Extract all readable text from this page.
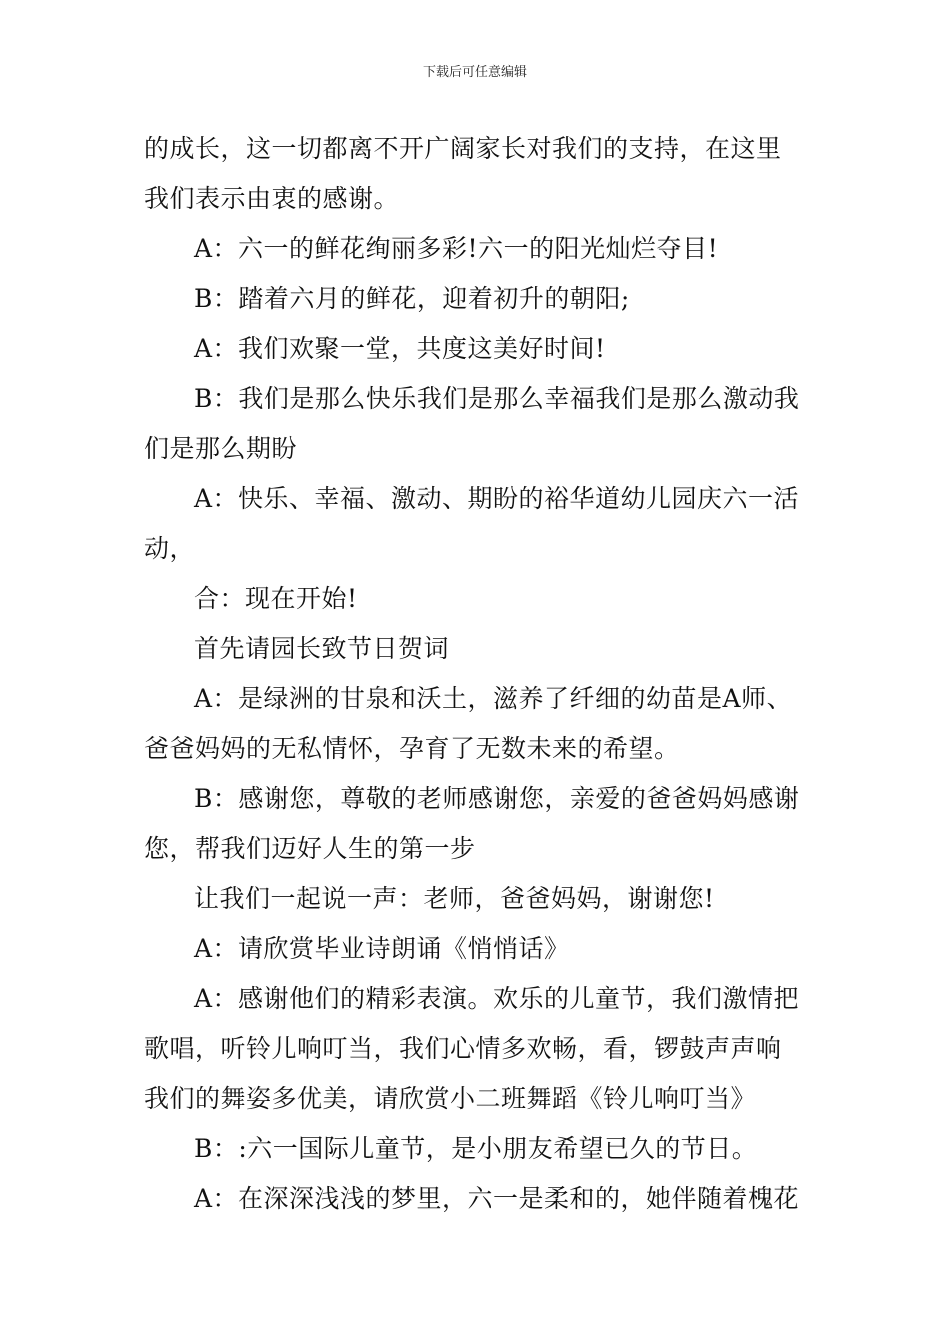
下载后可任意编辑

的成长，这一切都离不开广阔家长对我们的支持，在这里

我们表示由衷的感谢。

A：六一的鲜花绚丽多彩!六一的阳光灿烂夺目!

B：踏着六月的鲜花，迎着初升的朝阳;

A：我们欢聚一堂，共度这美好时间!

B：我们是那么快乐我们是那么幸福我们是那么激动我

们是那么期盼

A：快乐、幸福、激动、期盼的裕华道幼儿园庆六一活

动，

合：现在开始!

首先请园长致节日贺词

A：是绿洲的甘泉和沃土，滋养了纤细的幼苗是A师、

爸爸妈妈的无私情怀，孕育了无数未来的希望。

B：感谢您，尊敬的老师感谢您，亲爱的爸爸妈妈感谢

您，帮我们迈好人生的第一步

让我们一起说一声：老师，爸爸妈妈，谢谢您!

A：请欣赏毕业诗朗诵《悄悄话》

A：感谢他们的精彩表演。欢乐的儿童节，我们激情把

歌唱，听铃儿响叮当，我们心情多欢畅，看，锣鼓声声响

我们的舞姿多优美，请欣赏小二班舞蹈《铃儿响叮当》

B：:六一国际儿童节，是小朋友希望已久的节日。

A：在深深浅浅的梦里，六一是柔和的，她伴随着槐花
